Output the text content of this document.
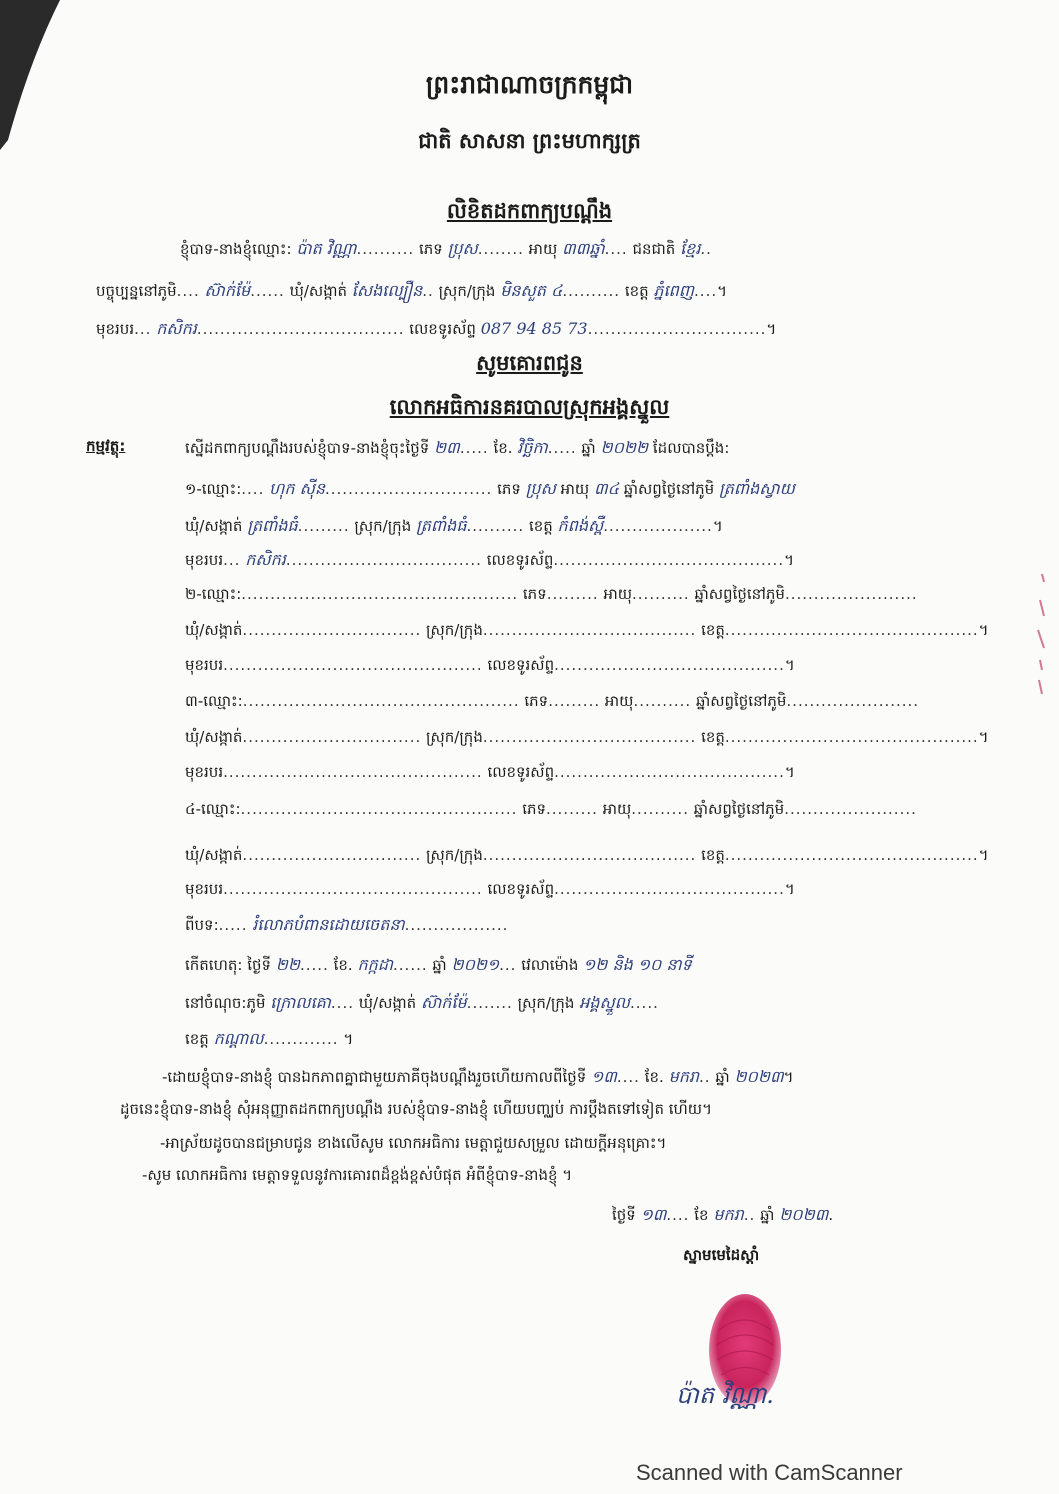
ព្រះរាជាណាចក្រកម្ពុជា
ជាតិ សាសនា ព្រះមហាក្សត្រ
លិខិតដកពាក្យបណ្តឹង
ខ្ញុំបាទ-នាងខ្ញុំឈ្មោះ: ប៉ាត វិណ្ណា.......... ភេទ ប្រុស........ អាយុ ៣៣ឆ្នាំ.... ជនជាតិ ខ្មែរ..
បច្ចុប្បន្ននៅភូមិ.... ស៊ាក់ម៉ែ...... ឃុំ/សង្កាត់ សែងល្បឿន.. ស្រុក/ក្រុង មិនសួត ៤.......... ខេត្ត ភ្នំពេញ....។
មុខរបរ... កសិករ.................................... លេខទូរស័ព្ទ 087 94 85 73...............................។
សូមគោរពជូន
លោកអធិការនគរបាលស្រុកអង្គស្នួល
កម្មវត្ថុ:	ស្នើដកពាក្យបណ្ដឹងរបស់ខ្ញុំបាទ-នាងខ្ញុំចុះថ្ងៃទី ២៣..... ខែ. វិច្ឆិកា..... ឆ្នាំ ២០២២ ដែលបានប្តឹង:
១-ឈ្មោះ:.... ហុក ស៊ីន............................. ភេទ ប្រុស អាយុ ៣៤ ឆ្នាំសព្វថ្ងៃនៅភូមិ ត្រពាំងស្វាយ
ឃុំ/សង្កាត់ ត្រពាំងធំ......... ស្រុក/ក្រុង ត្រពាំងធំ.......... ខេត្ត កំពង់ស្ពឺ...................។
មុខរបរ... កសិករ.................................. លេខទូរស័ព្ទ........................................។
២-ឈ្មោះ:................................................ ភេទ......... អាយុ.......... ឆ្នាំសព្វថ្ងៃនៅភូមិ.......................
ឃុំ/សង្កាត់............................... ស្រុក/ក្រុង..................................... ខេត្ត............................................។
មុខរបរ............................................. លេខទូរស័ព្ទ........................................។
៣-ឈ្មោះ:................................................ ភេទ......... អាយុ.......... ឆ្នាំសព្វថ្ងៃនៅភូមិ.......................
ឃុំ/សង្កាត់............................... ស្រុក/ក្រុង..................................... ខេត្ត............................................។
មុខរបរ............................................. លេខទូរស័ព្ទ........................................។
៤-ឈ្មោះ:................................................ ភេទ......... អាយុ.......... ឆ្នាំសព្វថ្ងៃនៅភូមិ.......................
ឃុំ/សង្កាត់............................... ស្រុក/ក្រុង..................................... ខេត្ត............................................។
មុខរបរ............................................. លេខទូរស័ព្ទ........................................។
ពីបទ:..... រំលោភបំពានដោយចេតនា..................
កើតហេតុ: ថ្ងៃទី ២២..... ខែ. កក្កដា...... ឆ្នាំ ២០២១... វេលាម៉ោង ១២ និង ១០ នាទី
នៅចំណុច:ភូមិ ក្រោលគោ.... ឃុំ/សង្កាត់ ស៊ាក់ម៉ែ........ ស្រុក/ក្រុង អង្គស្នួល.....
ខេត្ត កណ្តាល............. ។
-ដោយខ្ញុំបាទ-នាងខ្ញុំ បានឯកភាពគ្នាជាមួយភាគីចុងបណ្ដឹងរួចហើយកាលពីថ្ងៃទី ១៣.... ខែ. មករា.. ឆ្នាំ ២០២៣។
ដូចនេះខ្ញុំបាទ-នាងខ្ញុំ សុំអនុញ្ញាតដកពាក្យបណ្ដឹង របស់ខ្ញុំបាទ-នាងខ្ញុំ ហើយបញ្ឈប់ ការប្ដឹងតទៅទៀត ហើយ។
-អាស្រ័យដូចបានជម្រាបជូន ខាងលើសូម លោកអធិការ មេត្តាជួយសម្រួល ដោយក្ដីអនុគ្រោះ។
-សូម លោកអធិការ មេត្តាទទួលនូវការគោរពដ៏ខ្ពង់ខ្ពស់បំផុត អំពីខ្ញុំបាទ-នាងខ្ញុំ ។
ថ្ងៃទី ១៣.... ខែ មករា.. ឆ្នាំ ២០២៣.
ស្នាមមេដៃស្ដាំ
ប៉ាត វិណ្ណា.
Scanned with CamScanner
